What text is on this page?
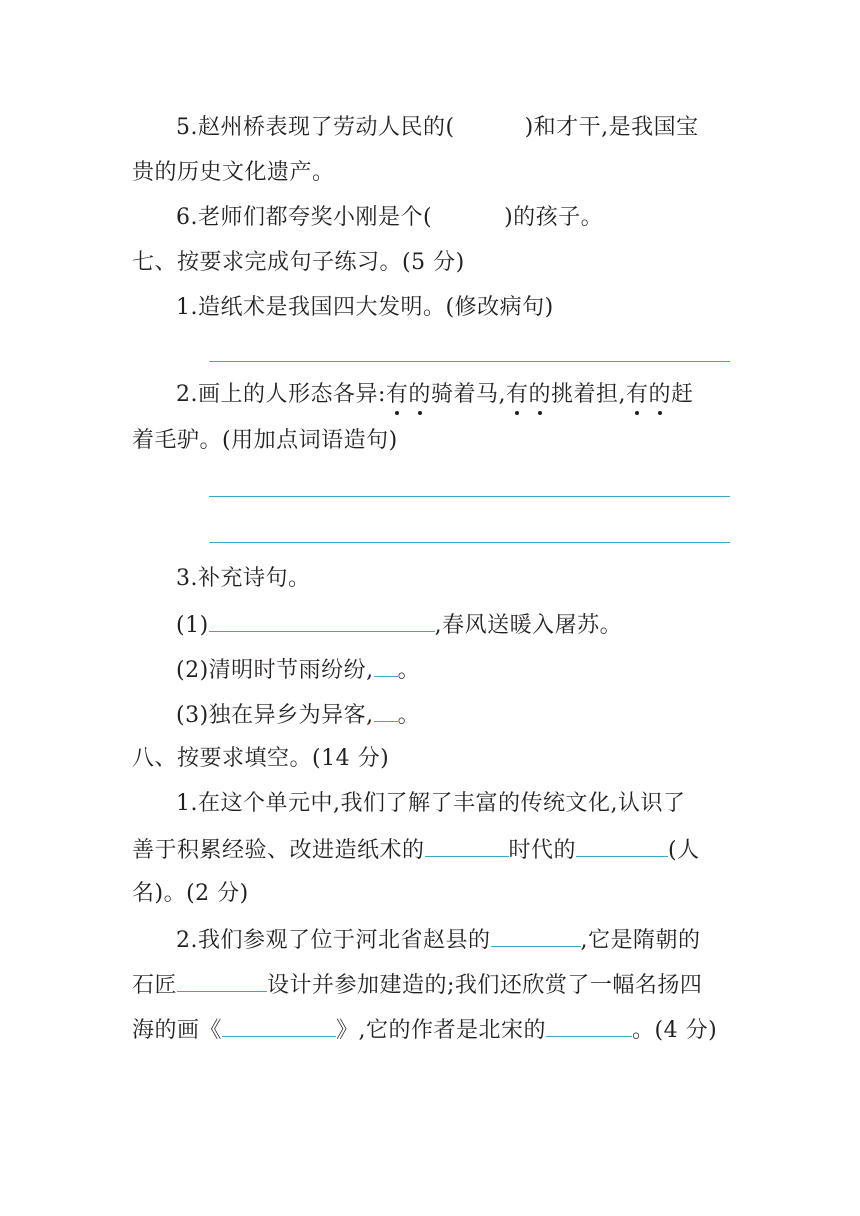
5.赵州桥表现了劳动人民的(	)和才干,是我国宝
贵的历史文化遗产。
6.老师们都夸奖小刚是个(	)的孩子。
七、按要求完成句子练习。(5 分)
1.造纸术是我国四大发明。(修改病句)
2.画上的人形态各异:有的骑着马,有的挑着担,有的赶
着毛驴。(用加点词语造句)
3.补充诗句。
(1)	,春风送暖入屠苏。
(2)清明时节雨纷纷, 。
(3)独在异乡为异客, 。
八、按要求填空。(14 分)
1.在这个单元中,我们了解了丰富的传统文化,认识了
善于积累经验、改进造纸术的	时代的	(人
名)。(2 分)
2.我们参观了位于河北省赵县的	,它是隋朝的
石匠	设计并参加建造的;我们还欣赏了一幅名扬四
海的画《	》,它的作者是北宋的	。(4 分)
